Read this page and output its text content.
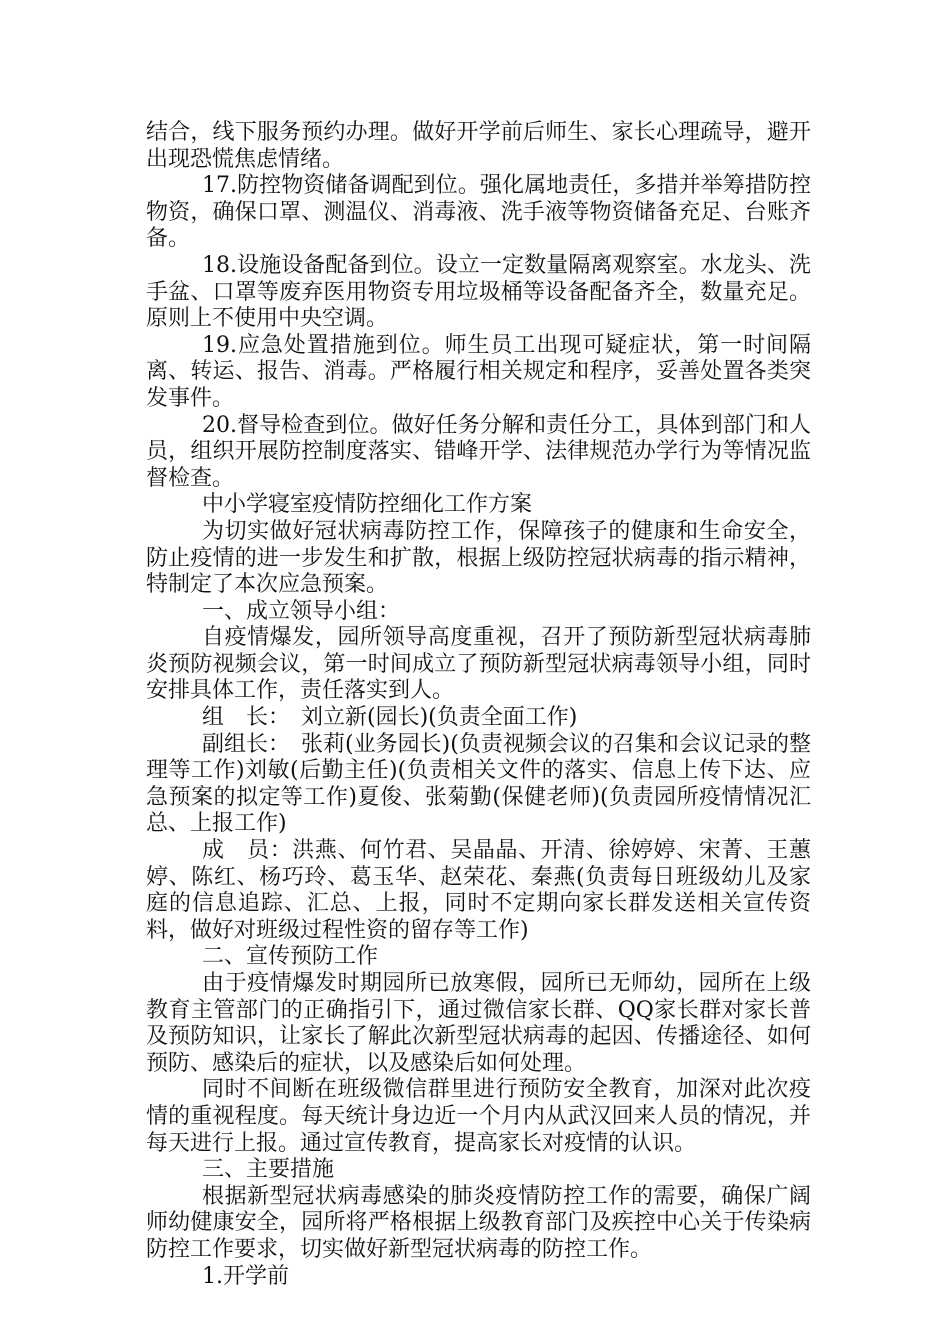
结合，线下服务预约办理。做好开学前后师生、家长心理疏导，避开出现恐慌焦虑情绪。

17.防控物资储备调配到位。强化属地责任，多措并举筹措防控物资，确保口罩、测温仪、消毒液、洗手液等物资储备充足、台账齐备。

18.设施设备配备到位。设立一定数量隔离观察室。水龙头、洗手盆、口罩等废弃医用物资专用垃圾桶等设备配备齐全，数量充足。原则上不使用中央空调。

19.应急处置措施到位。师生员工出现可疑症状，第一时间隔离、转运、报告、消毒。严格履行相关规定和程序，妥善处置各类突发事件。

20.督导检查到位。做好任务分解和责任分工，具体到部门和人员，组织开展防控制度落实、错峰开学、法律规范办学行为等情况监督检查。

中小学寝室疫情防控细化工作方案

为切实做好冠状病毒防控工作，保障孩子的健康和生命安全，防止疫情的进一步发生和扩散，根据上级防控冠状病毒的指示精神，特制定了本次应急预案。

一、成立领导小组：

自疫情爆发，园所领导高度重视，召开了预防新型冠状病毒肺炎预防视频会议，第一时间成立了预防新型冠状病毒领导小组，同时安排具体工作，责任落实到人。

组　长：　刘立新(园长)(负责全面工作)

副组长：　张莉(业务园长)(负责视频会议的召集和会议记录的整理等工作)刘敏(后勤主任)(负责相关文件的落实、信息上传下达、应急预案的拟定等工作)夏俊、张菊勤(保健老师)(负责园所疫情情况汇总、上报工作)

成　员：洪燕、何竹君、吴晶晶、开清、徐婷婷、宋菁、王蕙婷、陈红、杨巧玲、葛玉华、赵荣花、秦燕(负责每日班级幼儿及家庭的信息追踪、汇总、上报，同时不定期向家长群发送相关宣传资料，做好对班级过程性资的留存等工作)

二、宣传预防工作

由于疫情爆发时期园所已放寒假，园所已无师幼，园所在上级教育主管部门的正确指引下，通过微信家长群、QQ家长群对家长普及预防知识，让家长了解此次新型冠状病毒的起因、传播途径、如何预防、感染后的症状，以及感染后如何处理。

同时不间断在班级微信群里进行预防安全教育，加深对此次疫情的重视程度。每天统计身边近一个月内从武汉回来人员的情况，并每天进行上报。通过宣传教育，提高家长对疫情的认识。

三、主要措施

根据新型冠状病毒感染的肺炎疫情防控工作的需要，确保广阔师幼健康安全，园所将严格根据上级教育部门及疾控中心关于传染病防控工作要求，切实做好新型冠状病毒的防控工作。

1.开学前
